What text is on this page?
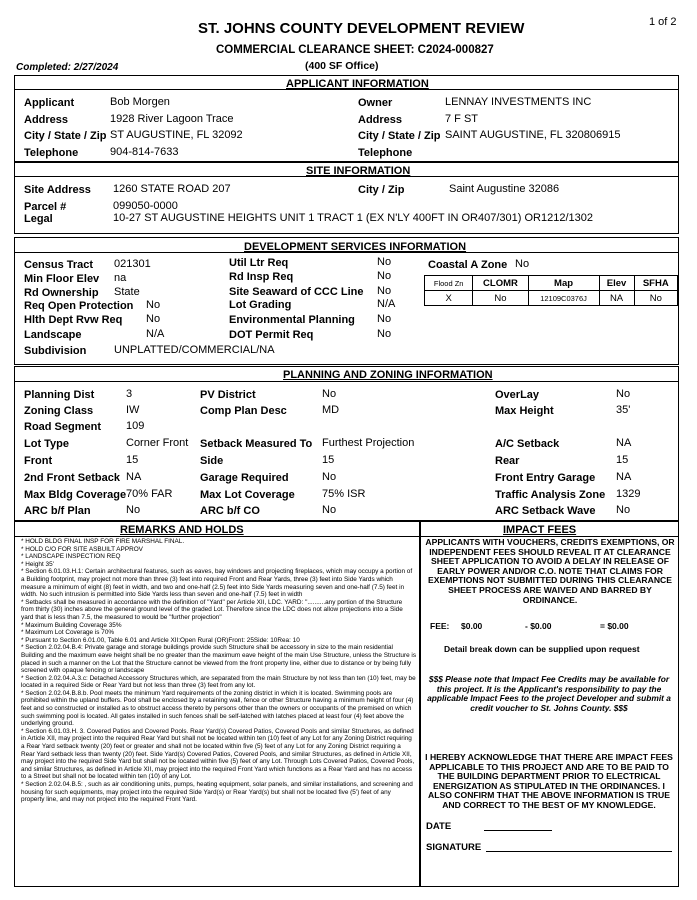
ST. JOHNS COUNTY DEVELOPMENT REVIEW	1 of 2
COMMERCIAL CLEARANCE SHEET: C2024-000827
Completed: 2/27/2024	(400 SF Office)
APPLICANT INFORMATION
Applicant	Bob Morgen
Address	1928 River Lagoon Trace
City / State / Zip ST AUGUSTINE, FL 32092
Telephone	904-814-7633
Owner	LENNAY INVESTMENTS INC
Address	7 F ST
City / State / Zip SAINT AUGUSTINE, FL 320806915
Telephone
SITE INFORMATION
Site Address 1260 STATE ROAD 207	City / Zip	Saint Augustine 32086
Parcel #	099050-0000
Legal	10-27 ST AUGUSTINE HEIGHTS UNIT 1 TRACT 1 (EX N'LY 400FT IN OR407/301) OR1212/1302
DEVELOPMENT SERVICES INFORMATION
Census Tract 021301
Min Floor Elev na
Rd Ownership State
Req Open Protection No
Hlth Dept Rvw Req No
Landscape	N/A
Subdivision	UNPLATTED/COMMERCIAL/NA
Util Ltr Req	No
Rd Insp Req	No
Site Seaward of CCC Line No
Lot Grading	N/A
Environmental Planning No
DOT Permit Req	No
Coastal A Zone No
Flood Zn	CLOMR	Map	Elev	SFHA
X	No	12109C0376J	NA	No
PLANNING AND ZONING INFORMATION
Planning Dist	3
Zoning Class	IW
Road Segment 109
Lot Type	Corner Front
Front	15
2nd Front Setback NA
Max Bldg Coverage 70% FAR
ARC b/f Plan	No
PV District	No
Comp Plan Desc	MD
Setback Measured To Furthest Projection
Side	15
Garage Required	No
Max Lot Coverage 75% ISR
ARC b/f CO	No
OverLay	No
Max Height	35'
A/C Setback	NA
Rear	15
Front Entry Garage NA
Traffic Analysis Zone 1329
ARC Setback Wave No
REMARKS AND HOLDS

* HOLD BLDG FINAL INSP FOR FIRE MARSHAL FINAL.

* HOLD C/O FOR SITE ASBUILT APPROV

* LANDSCAPE INSPECTION REQ

* Height 35'

* Section 6.01.03.H.1: Certain architectural features, such as eaves, bay windows and projecting fireplaces, which may occupy a portion of a Building footprint, may project not more than three (3) feet into required Front and Rear Yards, three (3) feet into Side Yards which measure a minimum of eight (8) feet in width, and two and one-half (2.5) feet into Side Yards measuring seven and one-half (7.5) feet in width. No such intrusion is permitted into Side Yards less than seven and one-half (7.5) feet in width

* Setbacks shall be measured in accordance with the definition of "Yard" per Article XII, LDC. YARD: "..........any portion of the Structure from thirty (30) inches above the general ground level of the graded Lot. Therefore since the LDC does not allow projections into a Side yard that is less than 7.5, the measured to would be "further projection"

* Maximum Building Coverage 35%

* Maximum Lot Coverage is 70%

* Pursuant to Section 6.01.00, Table 6.01 and Article XII:Open Rural (OR)Front: 25Side: 10Rea: 10

* Section 2.02.04.B.4: Private garage and storage buildings provide such Structure shall be accessory in size to the main residential Building and the maximum eave height shall be no greater than the maximum eave height of the main Use Structure, unless the Structure is placed in such a manner on the Lot that the Structure cannot be viewed from the front property line, either due to distance or by being fully screened with opaque fencing or landscape

* Section 2.02.04.A.3.c: Detached Accessory Structures which, are separated from the main Structure by not less than ten (10) feet, may be located in a required Side or Rear Yard but not less than three (3) feet from any lot.

* Section 2.02.04.B.8.b. Pool meets the minimum Yard requirements of the zoning district in which it is located. Swimming pools are prohibited within the upland buffers. Pool shall be enclosed by a retaining wall, fence or other Structure having a minimum height of four (4) feet and so constructed or installed as to obstruct access thereto by persons other than the owners or occupants of the premised on which such swimming pool is located. All gates installed in such fences shall be self-latched with latches placed at least four (4) feet above the underlying ground.

* Section 6.01.03.H. 3. Covered Patios and Covered Pools. Rear Yard(s) Covered Patios, Covered Pools and similar Structures, as defined in Article XII, may project into the required Rear Yard but shall not be located within ten (10) feet of any Lot for any Zoning District requiring a Rear Yard setback twenty (20) feet or greater and shall not be located within five (5) feet of any Lot for any Zoning District requiring a Rear Yard setback less than twenty (20) feet. Side Yard(s) Covered Patios, Covered Pools, and similar Structures, as defined in Article XII, may project into the required Side Yard but shall not be located within five (5) feet of any Lot. Through Lots Covered Patios, Covered Pools, and similar Structures, as defined in Article XII, may project into the required Front Yard which functions as a Rear Yard and has no access to a Street but shall not be located within ten (10) of any Lot.

* Section 2.02.04.B.5: , such as air conditioning units, pumps, heating equipment, solar panels, and similar installations, and screening and housing for such equipments, may project into the required Side Yard(s) or Rear Yard(s) but shall not be located five (5') feet of any property line, and may not project into the required Front Yard.

IMPACT FEES
APPLICANTS WITH VOUCHERS, CREDITS EXEMPTIONS, OR INDEPENDENT FEES SHOULD REVEAL IT AT CLEARANCE SHEET APPLICATION TO AVOID A DELAY IN RELEASE OF EARLY POWER AND/OR C.O. NOTE THAT CLAIMS FOR EXEMPTIONS NOT SUBMITTED DURING THIS CLEARANCE SHEET PROCESS ARE WAIVED AND BARRED BY ORDINANCE.
FEE: $0.00	- $0.00	= $0.00
Detail break down can be supplied upon request
$$$ Please note that Impact Fee Credits may be available for this project. It is the Applicant's responsibility to pay the applicable Impact Fees to the project Developer and submit a credit voucher to St. Johns County. $$$
I HEREBY ACKNOWLEDGE THAT THERE ARE IMPACT FEES APPLICABLE TO THIS PROJECT AND ARE TO BE PAID TO THE BUILDING DEPARTMENT PRIOR TO ELECTRICAL ENERGIZATION AS STIPULATED IN THE ORDINANCES. I ALSO CONFIRM THAT THE ABOVE INFORMATION IS TRUE AND CORRECT TO THE BEST OF MY KNOWLEDGE.
DATE
SIGNATURE
